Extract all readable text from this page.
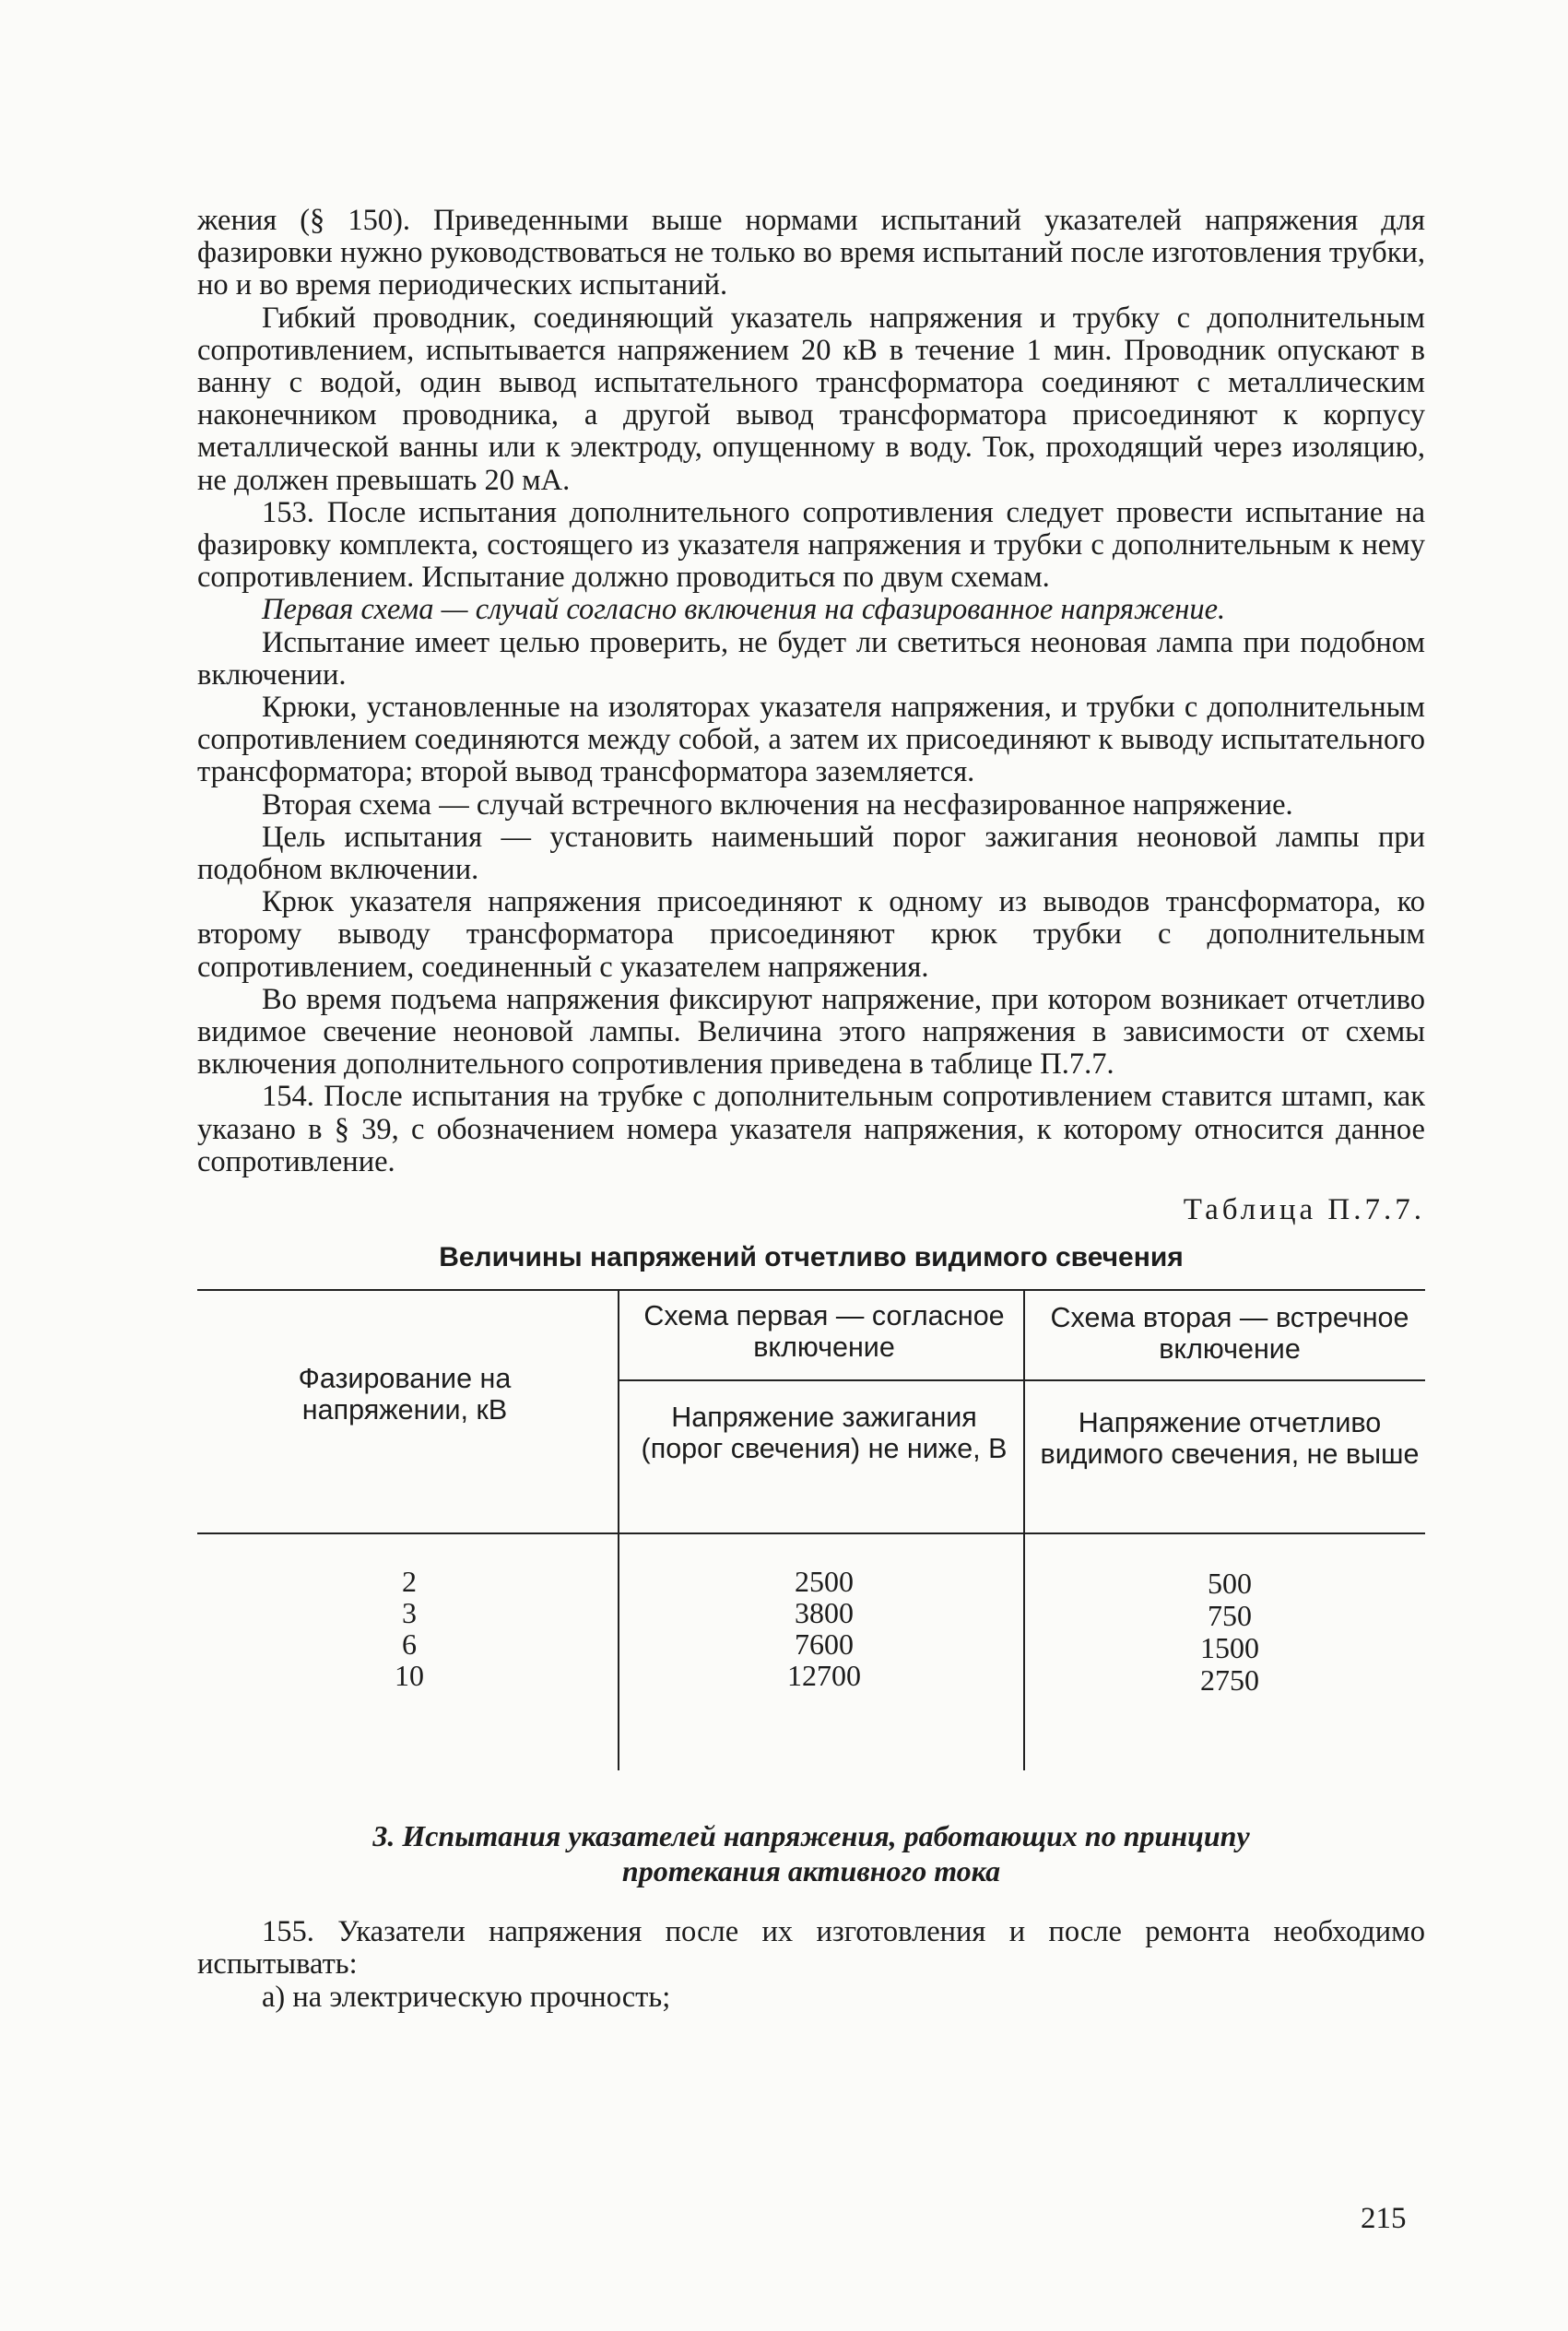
жения (§ 150). Приведенными выше нормами испытаний указателей напряжения для фазировки нужно руководствоваться не только во время испытаний после изготовления трубки, но и во время периодических испытаний.

Гибкий проводник, соединяющий указатель напряжения и трубку с дополнительным сопротивлением, испытывается напряжением 20 кВ в течение 1 мин. Проводник опускают в ванну с водой, один вывод испытательного трансформатора соединяют с металлическим наконечником проводника, а другой вывод трансформатора присоединяют к корпусу металлической ванны или к электроду, опущенному в воду. Ток, проходящий через изоляцию, не должен превышать 20 мА.

153. После испытания дополнительного сопротивления следует провести испытание на фазировку комплекта, состоящего из указателя напряжения и трубки с дополнительным к нему сопротивлением. Испытание должно проводиться по двум схемам.

Первая схема — случай согласно включения на сфазированное напряжение.

Испытание имеет целью проверить, не будет ли светиться неоновая лампа при подобном включении.

Крюки, установленные на изоляторах указателя напряжения, и трубки с дополнительным сопротивлением соединяются между собой, а затем их присоединяют к выводу испытательного трансформатора; второй вывод трансформатора заземляется.

Вторая схема — случай встречного включения на несфазированное напряжение.

Цель испытания — установить наименьший порог зажигания неоновой лампы при подобном включении.

Крюк указателя напряжения присоединяют к одному из выводов трансформатора, ко второму выводу трансформатора присоединяют крюк трубки с дополнительным сопротивлением, соединенный с указателем напряжения.

Во время подъема напряжения фиксируют напряжение, при котором возникает отчетливо видимое свечение неоновой лампы. Величина этого напряжения в зависимости от схемы включения дополнительного сопротивления приведена в таблице П.7.7.

154. После испытания на трубке с дополнительным сопротивлением ставится штамп, как указано в § 39, с обозначением номера указателя напряжения, к которому относится данное сопротивление.

Таблица П.7.7.
Величины напряжений отчетливо видимого свечения
Фазирование на напряжении, кВ
Схема первая — согласное включение
Схема вторая — встречное включение
Напряжение зажигания (порог свечения) не ниже, В
Напряжение отчетливо видимого свечения, не выше
2	2500	500
3	3800	750
6	7600	1500
10	12700	2750
3. Испытания указателей напряжения, работающих по принципу
протекания активного тока

155. Указатели напряжения после их изготовления и после ремонта необходимо испытывать:

а) на электрическую прочность;

215
